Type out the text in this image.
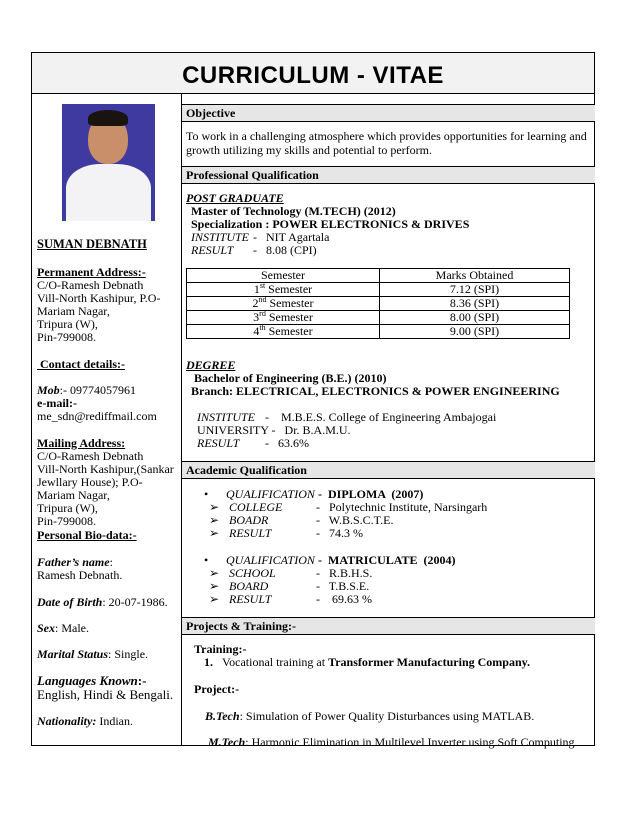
CURRICULUM - VITAE
SUMAN DEBNATH
Permanent Address:-
C/O-Ramesh Debnath
Vill-North Kashipur, P.O-
Mariam Nagar,
Tripura (W),
Pin-799008.
Contact details:-
Mob:- 09774057961
e-mail:-
me_sdn@rediffmail.com
Mailing Address:
C/O-Ramesh Debnath
Vill-North Kashipur,(Sankar
Jewllary House); P.O-
Mariam Nagar,
Tripura (W),
Pin-799008.
Personal Bio-data:-
Father’s name:
Ramesh Debnath.
Date of Birth: 20-07-1986.
Sex: Male.
Marital Status: Single.
Languages Known:-
English, Hindi & Bengali.
Nationality: Indian.
Objective
To work in a challenging atmosphere which provides opportunities for learning and
growth utilizing my skills and potential to perform.
Professional Qualification
POST GRADUATE
Master of Technology (M.TECH) (2012)
Specialization : POWER ELECTRONICS & DRIVES
INSTITUTE -   NIT Agartala
RESULT -   8.08 (CPI)
Semester	Marks Obtained
1st Semester	7.12 (SPI)
2nd Semester	8.36 (SPI)
3rd Semester	8.00 (SPI)
4th Semester	9.00 (SPI)
DEGREE
Bachelor of Engineering (B.E.) (2010)
Branch: ELECTRICAL, ELECTRONICS & POWER ENGINEERING
INSTITUTE -    M.B.E.S. College of Engineering Ambajogai
UNIVERSITY -   Dr. B.A.M.U.
RESULT -   63.6%
Academic Qualification
• QUALIFICATION -  DIPLOMA  (2007)
➢ COLLEGE	-   Polytechnic Institute, Narsingarh
➢ BOADR	-   W.B.S.C.T.E.
➢ RESULT	-   74.3 %
• QUALIFICATION -  MATRICULATE  (2004)
➢ SCHOOL	-   R.B.H.S.
➢ BOARD	-   T.B.S.E.
➢ RESULT	-    69.63 %
Projects & Training:-
Training:-
1. Vocational training at Transformer Manufacturing Company.
Project:-
B.Tech: Simulation of Power Quality Disturbances using MATLAB.
M.Tech: Harmonic Elimination in Multilevel Inverter using Soft Computing
